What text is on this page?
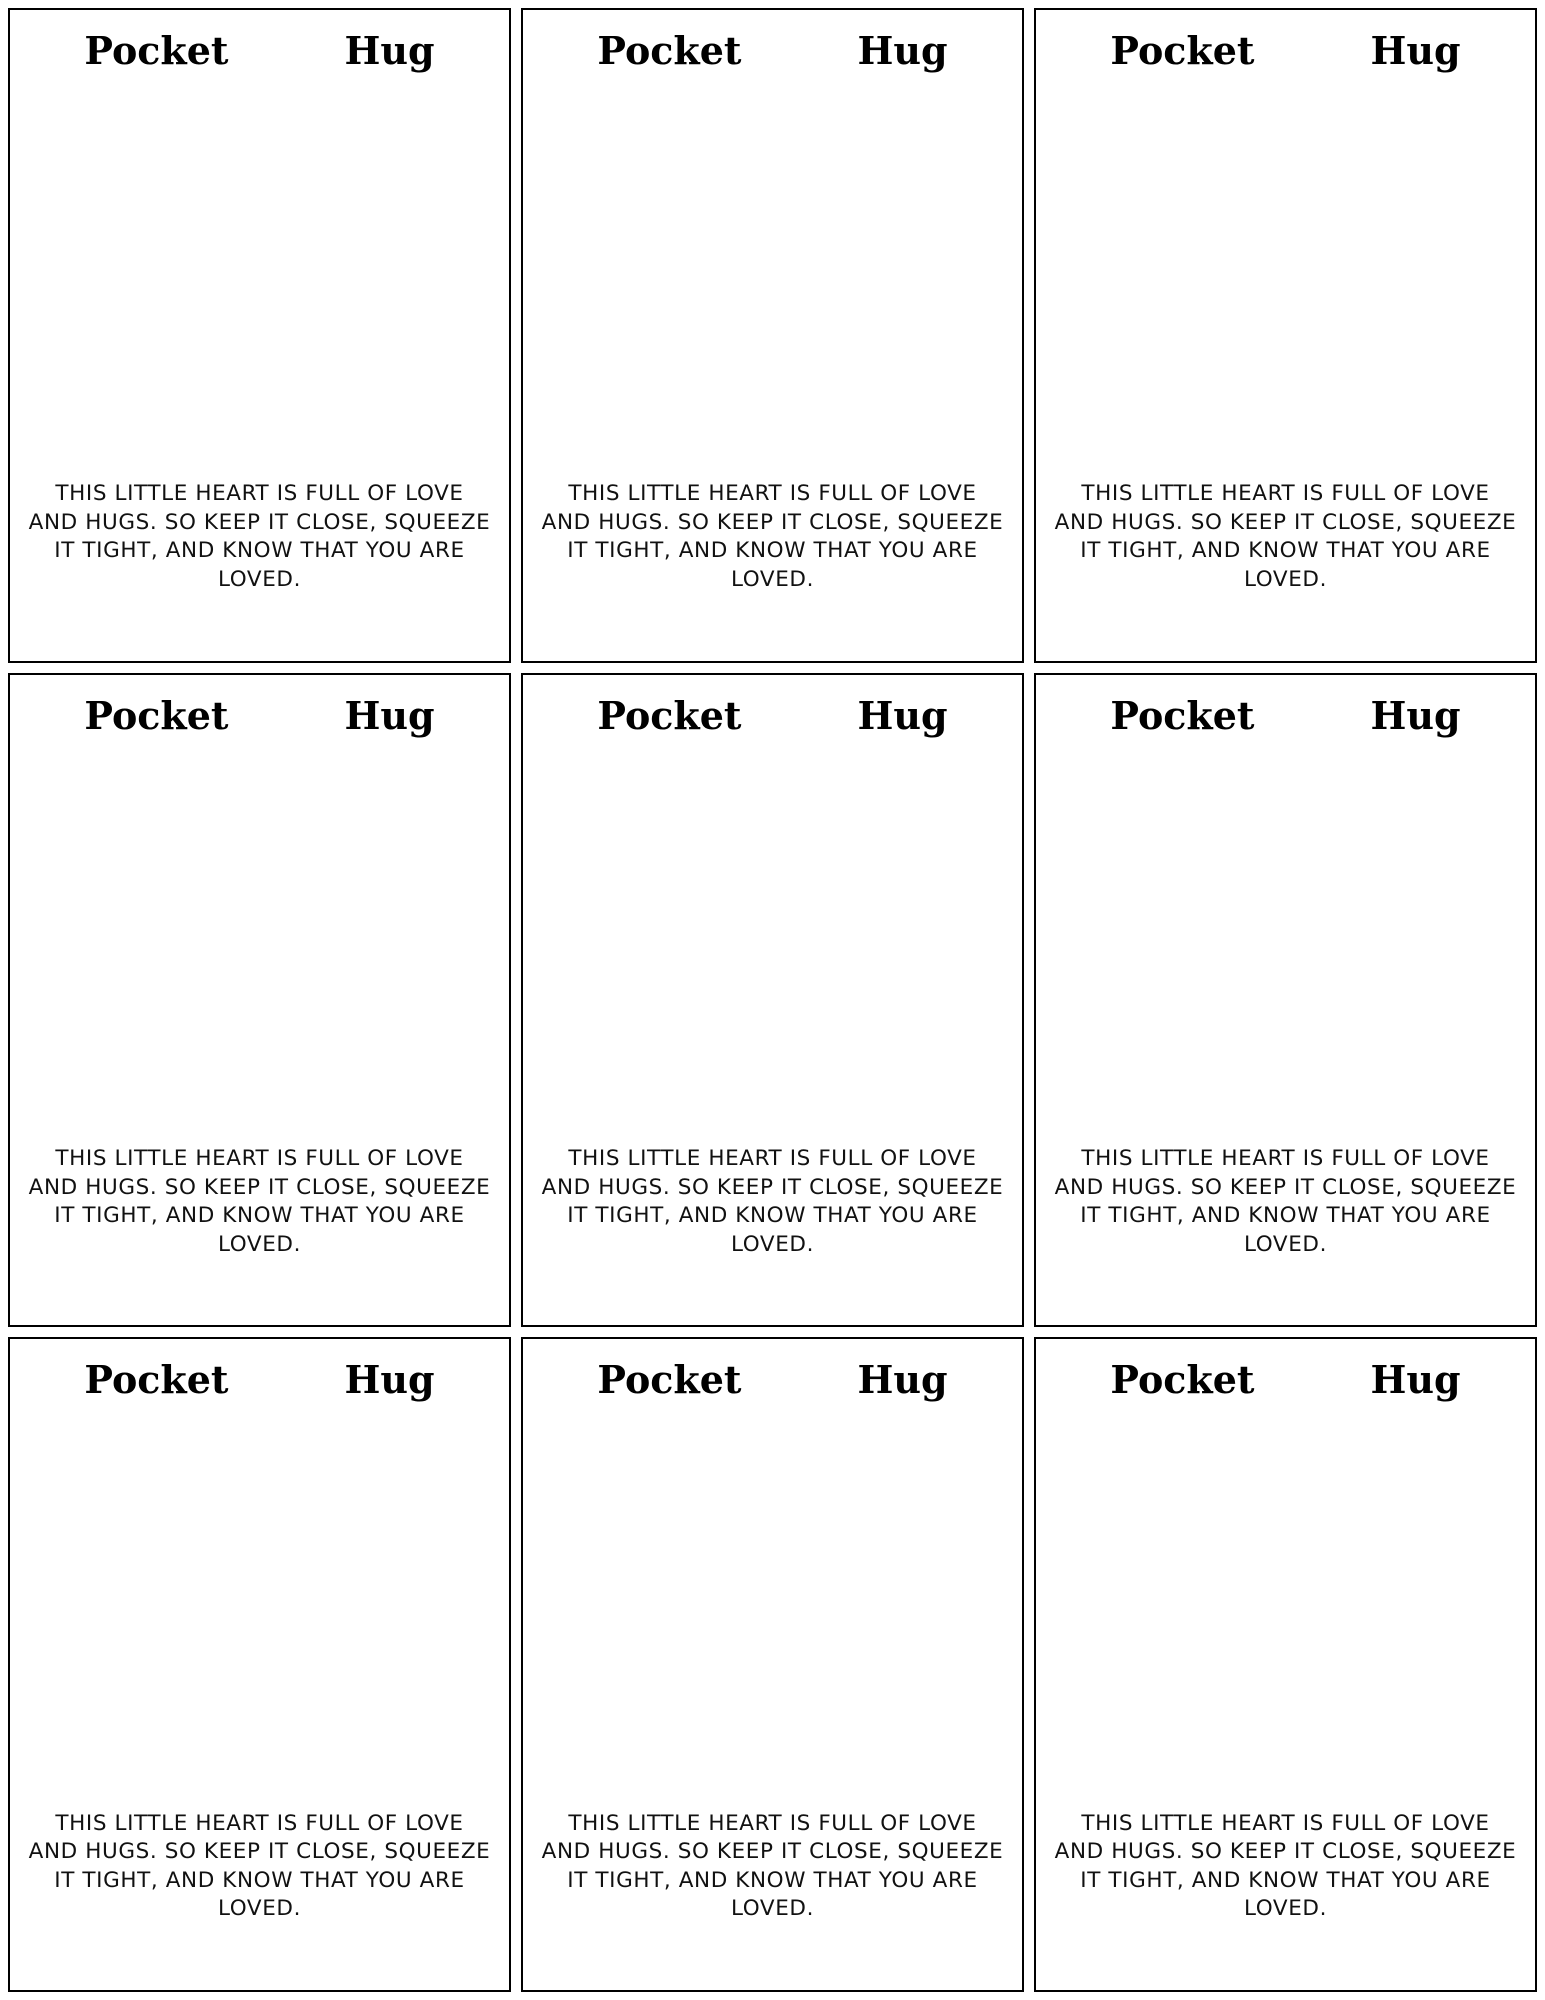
Pocket	Hug

THIS LITTLE HEART IS FULL OF LOVE AND HUGS. SO KEEP IT CLOSE, SQUEEZE IT TIGHT, AND KNOW THAT YOU ARE LOVED.

Pocket	Hug

THIS LITTLE HEART IS FULL OF LOVE AND HUGS. SO KEEP IT CLOSE, SQUEEZE IT TIGHT, AND KNOW THAT YOU ARE LOVED.

Pocket	Hug

THIS LITTLE HEART IS FULL OF LOVE AND HUGS. SO KEEP IT CLOSE, SQUEEZE IT TIGHT, AND KNOW THAT YOU ARE LOVED.

Pocket	Hug

THIS LITTLE HEART IS FULL OF LOVE AND HUGS. SO KEEP IT CLOSE, SQUEEZE IT TIGHT, AND KNOW THAT YOU ARE LOVED.

Pocket	Hug

THIS LITTLE HEART IS FULL OF LOVE AND HUGS. SO KEEP IT CLOSE, SQUEEZE IT TIGHT, AND KNOW THAT YOU ARE LOVED.

Pocket	Hug

THIS LITTLE HEART IS FULL OF LOVE AND HUGS. SO KEEP IT CLOSE, SQUEEZE IT TIGHT, AND KNOW THAT YOU ARE LOVED.

Pocket	Hug

THIS LITTLE HEART IS FULL OF LOVE AND HUGS. SO KEEP IT CLOSE, SQUEEZE IT TIGHT, AND KNOW THAT YOU ARE LOVED.

Pocket	Hug

THIS LITTLE HEART IS FULL OF LOVE AND HUGS. SO KEEP IT CLOSE, SQUEEZE IT TIGHT, AND KNOW THAT YOU ARE LOVED.

Pocket	Hug

THIS LITTLE HEART IS FULL OF LOVE AND HUGS. SO KEEP IT CLOSE, SQUEEZE IT TIGHT, AND KNOW THAT YOU ARE LOVED.
